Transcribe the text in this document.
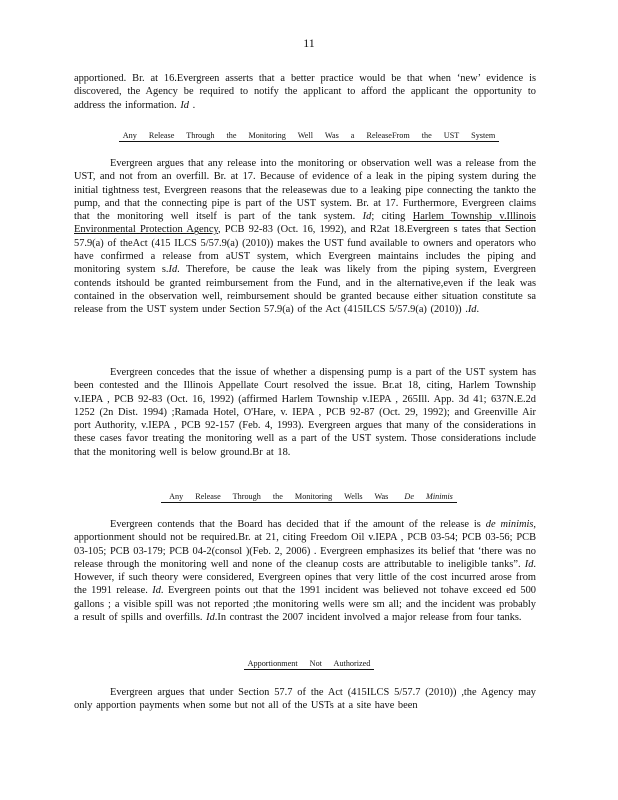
11
apportioned. Br. at 16.Evergreen asserts that a better practice would be that when ‘new’ evidence is discovered, the Agency be required to notify the applicant to afford the applicant the opportunity to address the information. Id .
Any Release Through the Monitoring Well Was a ReleaseFrom the UST System
Evergreen argues that any release into the monitoring or observation well was a release from the UST, and not from an overfill. Br. at 17. Because of evidence of a leak in the piping system during the initial tightness test, Evergreen reasons that the releasewas due to a leaking pipe connecting the tankto the pump, and that the connecting pipe is part of the UST system. Br. at 17. Furthermore, Evergreen claims that the monitoring well itself is part of the tank system. Id; citing Harlem Township v.Illinois Environmental Protection Agency, PCB 92-83 (Oct. 16, 1992), and R2at 18.Evergreen s tates that Section 57.9(a) of theAct (415 ILCS 5/57.9(a) (2010)) makes the UST fund available to owners and operators who have confirmed a release from aUST system, which Evergreen maintains includes the piping and monitoring system s.Id. Therefore, be cause the leak was likely from the piping system, Evergreen contends itshould be granted reimbursement from the Fund, and in the alternative,even if the leak was contained in the observation well, reimbursement should be granted because either situation constitute sa release from the UST system under Section 57.9(a) of the Act (415ILCS 5/57.9(a) (2010)) .Id.
Evergreen concedes that the issue of whether a dispensing pump is a part of the UST system has been contested and the Illinois Appellate Court resolved the issue. Br.at 18, citing, Harlem Township v.IEPA , PCB 92-83 (Oct. 16, 1992) (affirmed Harlem Township v.IEPA , 265Ill. App. 3d 41; 637N.E.2d 1252 (2n Dist. 1994) ;Ramada Hotel, O'Hare, v. IEPA , PCB 92-87 (Oct. 29, 1992); and Greenville Air port Authority, v.IEPA , PCB 92-157 (Feb. 4, 1993). Evergreen argues that many of the considerations in these cases favor treating the monitoring well as a part of the UST system. Those considerations include that the monitoring well is below ground.Br at 18.
Any Release Through the Monitoring Wells Was De Minimis
Evergreen contends that the Board has decided that if the amount of the release is de minimis, apportionment should not be required.Br. at 21, citing Freedom Oil v.IEPA , PCB 03-54; PCB 03-56; PCB 03-105; PCB 03-179; PCB 04-2(consol )(Feb. 2, 2006) . Evergreen emphasizes its belief that ‘there was no release through the monitoring well and none of the cleanup costs are attributable to ineligible tanks”. Id. However, if such theory were considered, Evergreen opines that very little of the cost incurred arose from the 1991 release. Id. Evergreen points out that the 1991 incident was believed not tohave exceed ed 500 gallons ; a visible spill was not reported ;the monitoring wells were sm all; and the incident was probably a result of spills and overfills. Id.In contrast the 2007 incident involved a major release from four tanks.
Apportionment Not Authorized
Evergreen argues that under Section 57.7 of the Act (415ILCS 5/57.7 (2010)) ,the Agency may only apportion payments when some but not all of the USTs at a site have been
